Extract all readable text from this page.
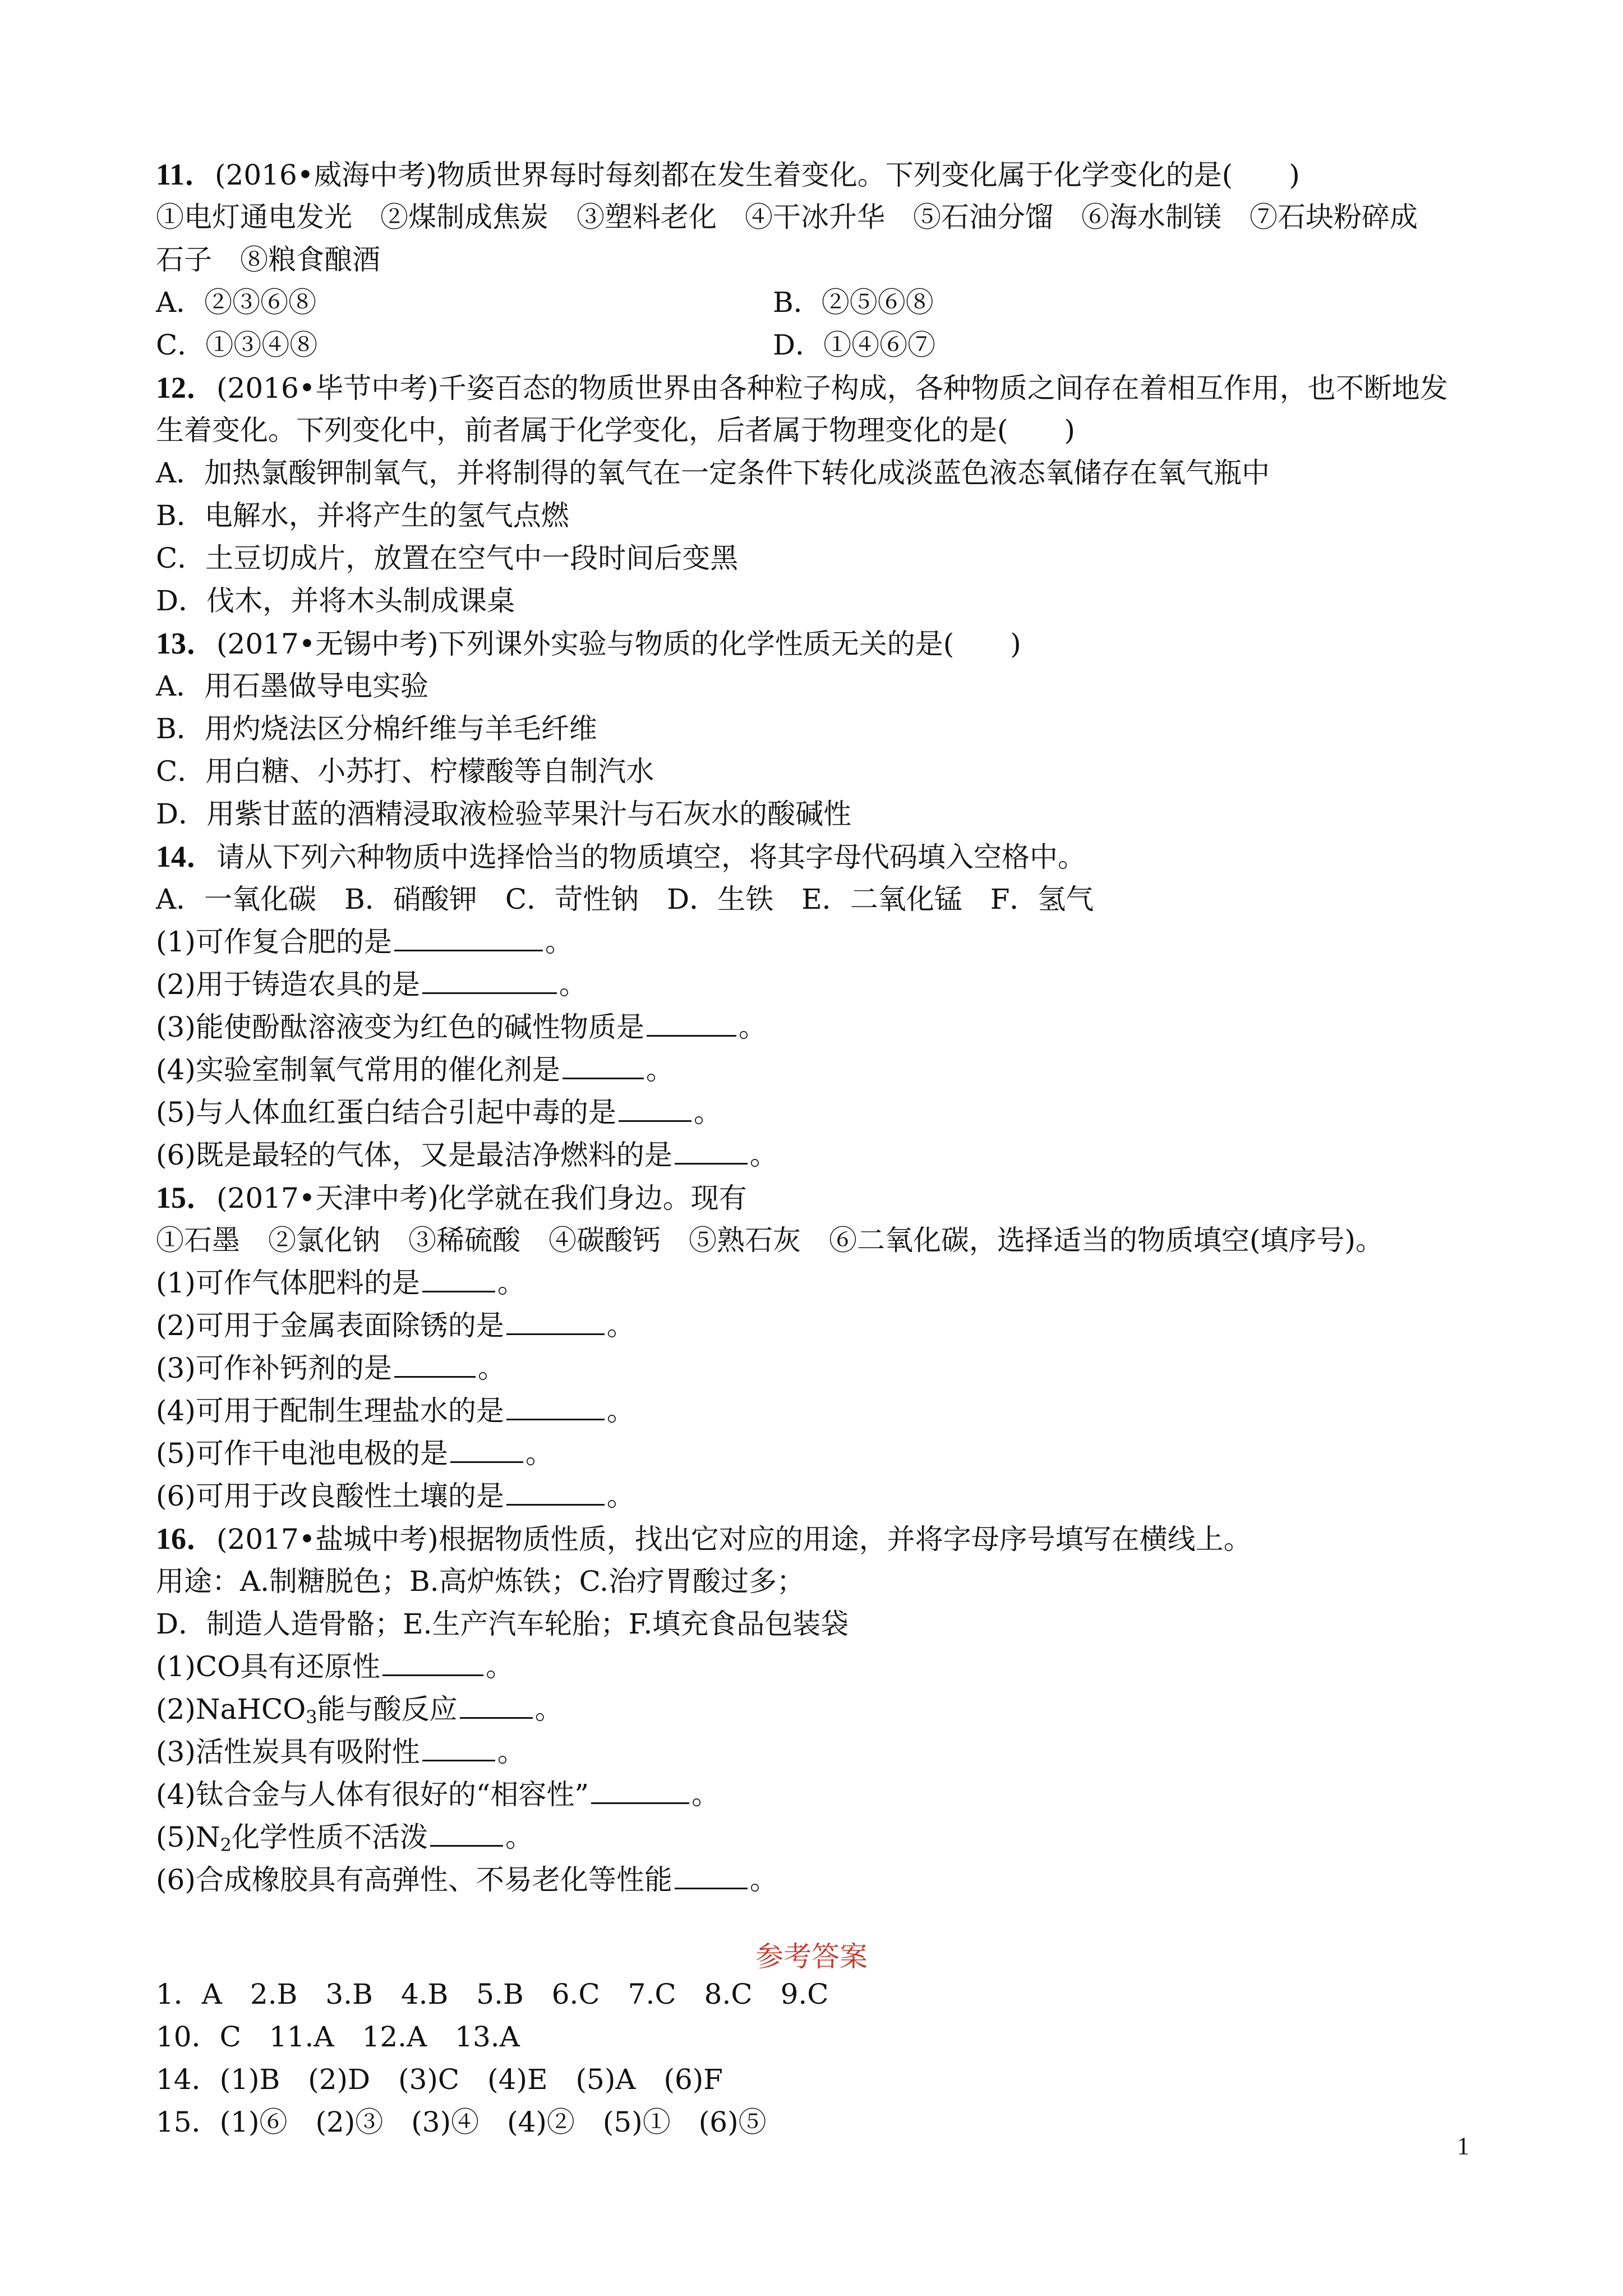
11．(2016•威海中考)物质世界每时每刻都在发生着变化。下列变化属于化学变化的是(　　)

①电灯通电发光　②煤制成焦炭　③塑料老化　④干冰升华　⑤石油分馏　⑥海水制镁　⑦石块粉碎成

石子　⑧粮食酿酒

A．②③⑥⑧	B．②⑤⑥⑧

C．①③④⑧	D．①④⑥⑦

12．(2016•毕节中考)千姿百态的物质世界由各种粒子构成，各种物质之间存在着相互作用，也不断地发

生着变化。下列变化中，前者属于化学变化，后者属于物理变化的是(　　)

A．加热氯酸钾制氧气，并将制得的氧气在一定条件下转化成淡蓝色液态氧储存在氧气瓶中

B．电解水，并将产生的氢气点燃

C．土豆切成片，放置在空气中一段时间后变黑

D．伐木，并将木头制成课桌

13．(2017•无锡中考)下列课外实验与物质的化学性质无关的是(　　)

A．用石墨做导电实验

B．用灼烧法区分棉纤维与羊毛纤维

C．用白糖、小苏打、柠檬酸等自制汽水

D．用紫甘蓝的酒精浸取液检验苹果汁与石灰水的酸碱性

14．请从下列六种物质中选择恰当的物质填空，将其字母代码填入空格中。

A．一氧化碳　B．硝酸钾　C．苛性钠　D．生铁　E．二氧化锰　F．氢气

(1)可作复合肥的是	。

(2)用于铸造农具的是	。

(3)能使酚酞溶液变为红色的碱性物质是	。

(4)实验室制氧气常用的催化剂是	。

(5)与人体血红蛋白结合引起中毒的是	。

(6)既是最轻的气体，又是最洁净燃料的是	。

15．(2017•天津中考)化学就在我们身边。现有

①石墨　②氯化钠　③稀硫酸　④碳酸钙　⑤熟石灰　⑥二氧化碳，选择适当的物质填空(填序号)。

(1)可作气体肥料的是	。

(2)可用于金属表面除锈的是	。

(3)可作补钙剂的是	。

(4)可用于配制生理盐水的是	。

(5)可作干电池电极的是	。

(6)可用于改良酸性土壤的是	。

16．(2017•盐城中考)根据物质性质，找出它对应的用途，并将字母序号填写在横线上。

用途：A.制糖脱色；B.高炉炼铁；C.治疗胃酸过多；

D．制造人造骨骼；E.生产汽车轮胎；F.填充食品包装袋

(1)CO具有还原性	。

(2)NaHCO$_3$能与酸反应	。

(3)活性炭具有吸附性	。

(4)钛合金与人体有很好的“相容性”	。

$(5)N_2$化学性质不活泼	。

(6)合成橡胶具有高弹性、不易老化等性能	。

参考答案

1．A　2.B　3.B　4.B　5.B　6.C　7.C　8.C　9.C

10．C　11.A　12.A　13.A

14．(1)B　(2)D　(3)C　(4)E　(5)A　(6)F

15．(1)⑥　(2)③　(3)④　(4)②　(5)①　(6)⑤

1
